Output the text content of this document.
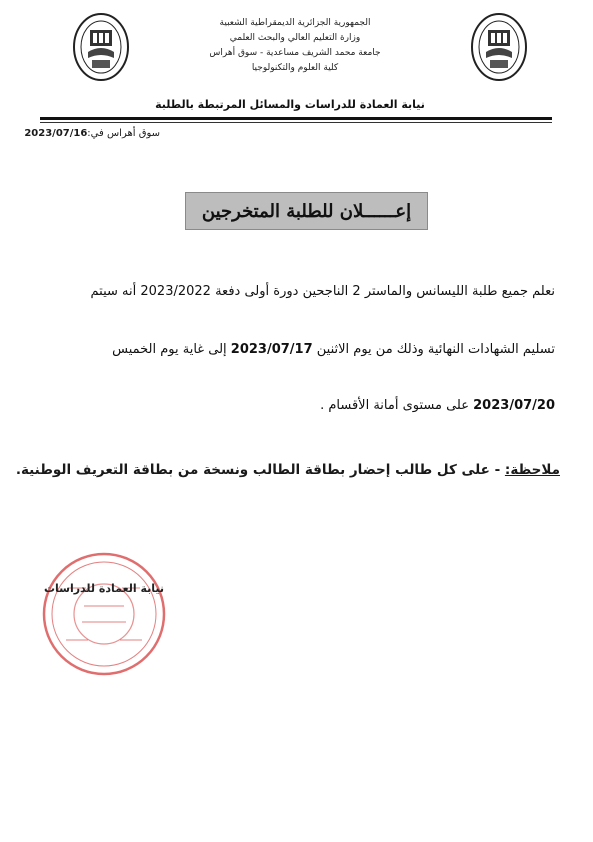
الجمهورية الجزائرية الديمقراطية الشعبية
وزارة التعليم العالي والبحث العلمي
جامعة محمد الشريف مساعدية - سوق أهراس
كلية العلوم والتكنولوجيا
نيابة العمادة للدراسات والمسائل المرتبطة بالطلبة
سوق أهراس في:2023/07/16
إعــــــلان للطلبة المتخرجين
نعلم جميع طلبة الليسانس والماستر 2 الناجحين دورة أولى دفعة 2023/2022 أنه سيتم
تسليم الشهادات النهائية وذلك من يوم الاثنين 2023/07/17 إلى غاية يوم الخميس
2023/07/20 على مستوى أمانة الأقسام .
ملاحظة: - على كل طالب إحضار بطاقة الطالب ونسخة من بطاقة التعريف الوطنية.
نيابة العمادة للدراسات
